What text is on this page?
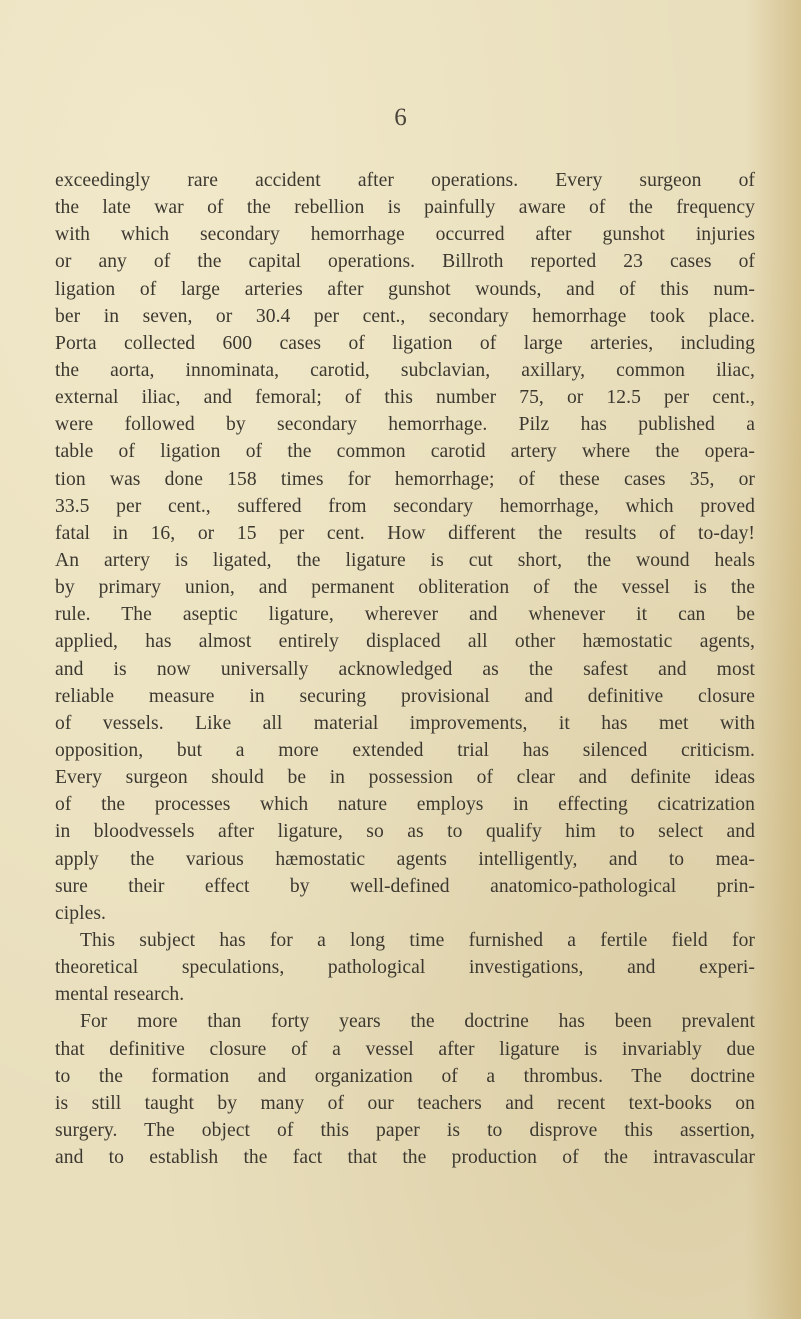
6
exceedingly rare accident after operations. Every surgeon of
the late war of the rebellion is painfully aware of the frequency
with which secondary hemorrhage occurred after gunshot injuries
or any of the capital operations. Billroth reported 23 cases of
ligation of large arteries after gunshot wounds, and of this num-
ber in seven, or 30.4 per cent., secondary hemorrhage took place.
Porta collected 600 cases of ligation of large arteries, including
the aorta, innominata, carotid, subclavian, axillary, common iliac,
external iliac, and femoral; of this number 75, or 12.5 per cent.,
were followed by secondary hemorrhage. Pilz has published a
table of ligation of the common carotid artery where the opera-
tion was done 158 times for hemorrhage; of these cases 35, or
33.5 per cent., suffered from secondary hemorrhage, which proved
fatal in 16, or 15 per cent. How different the results of to-day!
An artery is ligated, the ligature is cut short, the wound heals
by primary union, and permanent obliteration of the vessel is the
rule. The aseptic ligature, wherever and whenever it can be
applied, has almost entirely displaced all other hæmostatic agents,
and is now universally acknowledged as the safest and most
reliable measure in securing provisional and definitive closure
of vessels. Like all material improvements, it has met with
opposition, but a more extended trial has silenced criticism.
Every surgeon should be in possession of clear and definite ideas
of the processes which nature employs in effecting cicatrization
in bloodvessels after ligature, so as to qualify him to select and
apply the various hæmostatic agents intelligently, and to mea-
sure their effect by well-defined anatomico-pathological prin-
ciples.
This subject has for a long time furnished a fertile field for
theoretical speculations, pathological investigations, and experi-
mental research.
For more than forty years the doctrine has been prevalent
that definitive closure of a vessel after ligature is invariably due
to the formation and organization of a thrombus. The doctrine
is still taught by many of our teachers and recent text-books on
surgery. The object of this paper is to disprove this assertion,
and to establish the fact that the production of the intravascular
